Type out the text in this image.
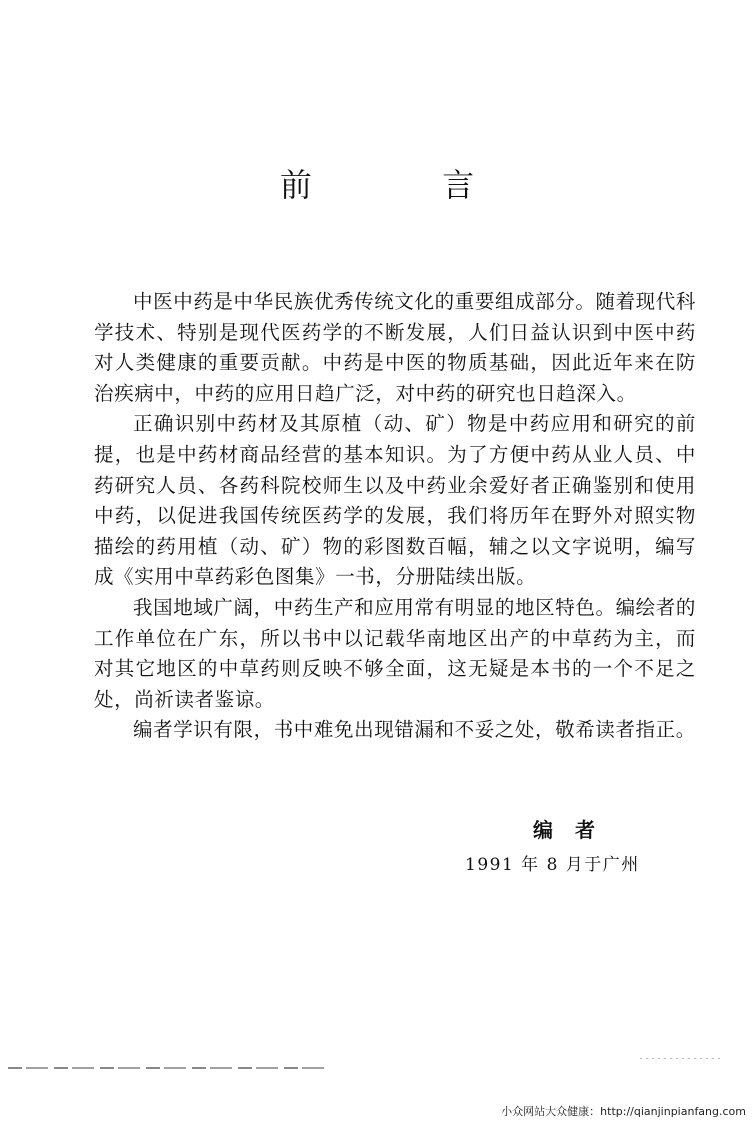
前 言

中医中药是中华民族优秀传统文化的重要组成部分。随着现代科学技术、特别是现代医药学的不断发展，人们日益认识到中医中药对人类健康的重要贡献。中药是中医的物质基础，因此近年来在防治疾病中，中药的应用日趋广泛，对中药的研究也日趋深入。

正确识别中药材及其原植（动、矿）物是中药应用和研究的前提，也是中药材商品经营的基本知识。为了方便中药从业人员、中药研究人员、各药科院校师生以及中药业余爱好者正确鉴别和使用中药，以促进我国传统医药学的发展，我们将历年在野外对照实物描绘的药用植（动、矿）物的彩图数百幅，辅之以文字说明，编写成《实用中草药彩色图集》一书，分册陆续出版。

我国地域广阔，中药生产和应用常有明显的地区特色。编绘者的工作单位在广东，所以书中以记载华南地区出产的中草药为主，而对其它地区的中草药则反映不够全面，这无疑是本书的一个不足之处，尚祈读者鉴谅。

编者学识有限，书中难免出现错漏和不妥之处，敬希读者指正。

编者
1991 年 8 月于广州
小众网站大众健康：http://qianjinpianfang.com
